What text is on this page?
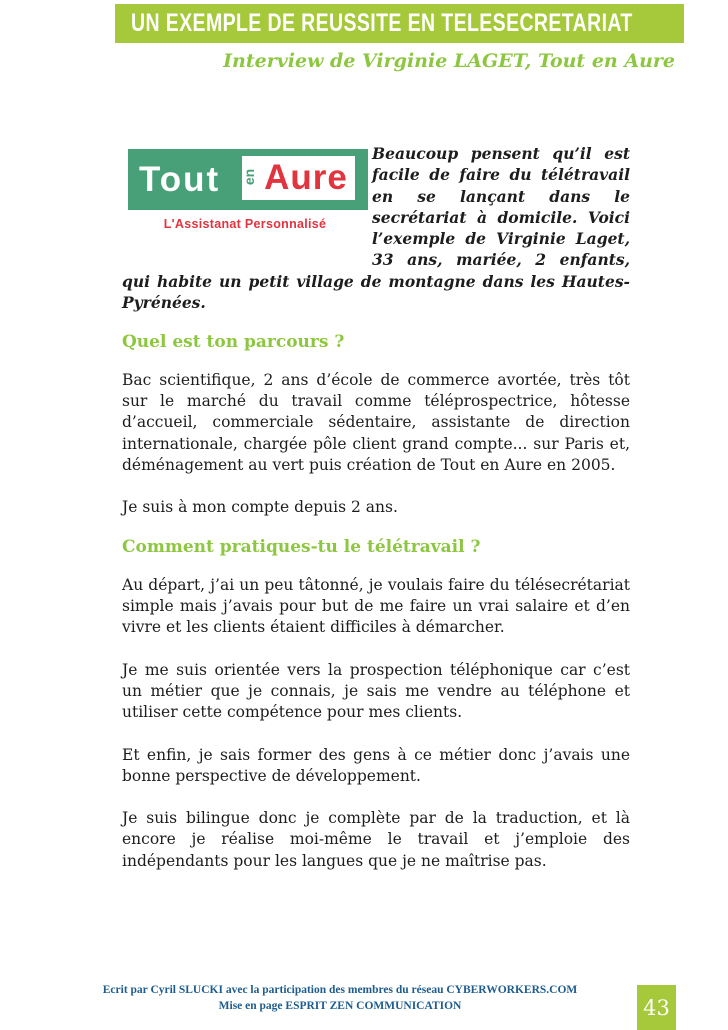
UN EXEMPLE DE REUSSITE EN TELESECRETARIAT
Interview de Virginie LAGET, Tout en Aure
Tout en Aure
L'Assistanat Personnalisé

Beaucoup pensent qu’il est facile de faire du télétravail en se lançant dans le secrétariat à domicile. Voici l’exemple de Virginie Laget, 33 ans, mariée, 2 enfants, qui habite un petit village de montagne dans les Hautes-Pyrénées.

Quel est ton parcours ?

Bac scientifique, 2 ans d’école de commerce avortée, très tôt sur le marché du travail comme téléprospectrice, hôtesse d’accueil, commerciale sédentaire, assistante de direction internationale, chargée pôle client grand compte... sur Paris et, déménagement au vert puis création de Tout en Aure en 2005.

Je suis à mon compte depuis 2 ans.

Comment pratiques-tu le télétravail ?

Au départ, j’ai un peu tâtonné, je voulais faire du télésecrétariat simple mais j’avais pour but de me faire un vrai salaire et d’en vivre et les clients étaient difficiles à démarcher.

Je me suis orientée vers la prospection téléphonique car c’est un métier que je connais, je sais me vendre au téléphone et utiliser cette compétence pour mes clients.

Et enfin, je sais former des gens à ce métier donc j’avais une bonne perspective de développement.

Je suis bilingue donc je complète par de la traduction, et là encore je réalise moi-même le travail et j’emploie des indépendants pour les langues que je ne maîtrise pas.

Ecrit par Cyril SLUCKI avec la participation des membres du réseau CYBERWORKERS.COM
Mise en page ESPRIT ZEN COMMUNICATION	43
